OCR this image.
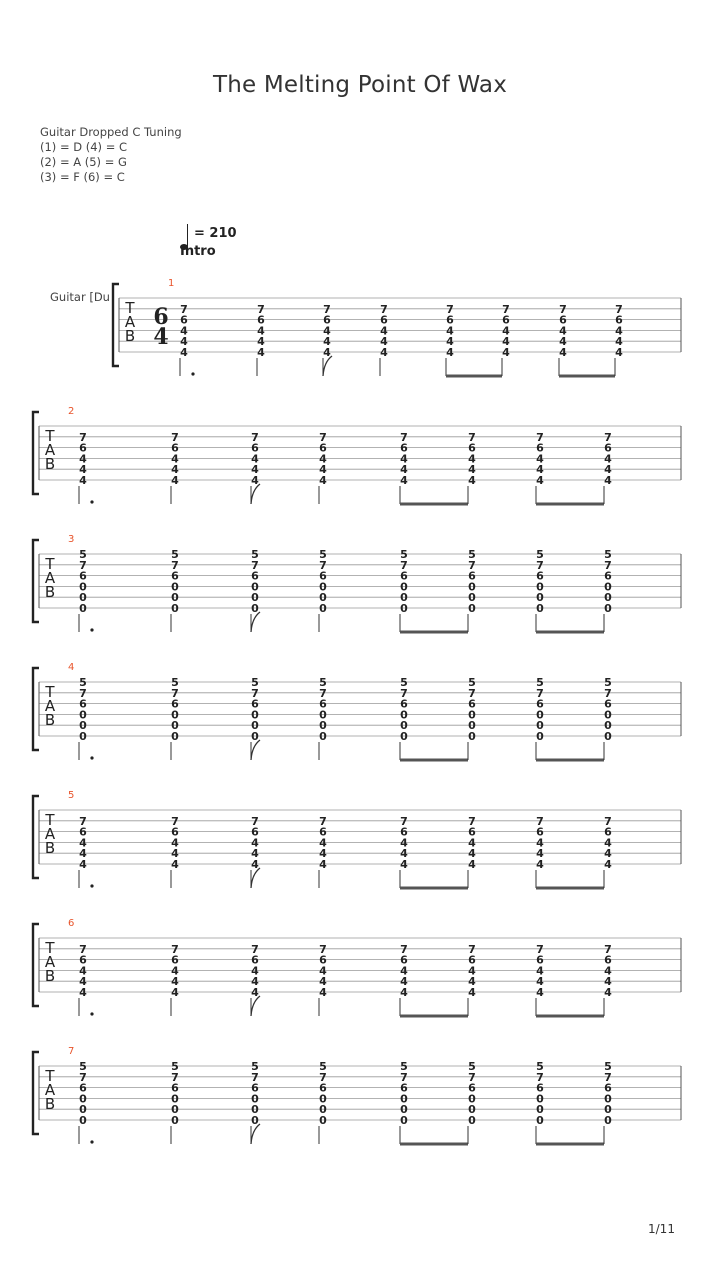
The Melting Point Of Wax
Guitar Dropped C Tuning
(1) = D (4) = C
(2) = A (5) = G
(3) = F (6) = C
= 210
Intro
Guitar [Du
T
A
B
1
6
4
7
6
4
4
4
7
6
4
4
4
7
6
4
4
4
7
6
4
4
4
7
6
4
4
4
7
6
4
4
4
7
6
4
4
4
7
6
4
4
4
T
A
B
2
7
6
4
4
4
7
6
4
4
4
7
6
4
4
4
7
6
4
4
4
7
6
4
4
4
7
6
4
4
4
7
6
4
4
4
7
6
4
4
4
T
A
B
3
5
7
6
0
0
0
5
7
6
0
0
0
5
7
6
0
0
0
5
7
6
0
0
0
5
7
6
0
0
0
5
7
6
0
0
0
5
7
6
0
0
0
5
7
6
0
0
0
T
A
B
4
5
7
6
0
0
0
5
7
6
0
0
0
5
7
6
0
0
0
5
7
6
0
0
0
5
7
6
0
0
0
5
7
6
0
0
0
5
7
6
0
0
0
5
7
6
0
0
0
T
A
B
5
7
6
4
4
4
7
6
4
4
4
7
6
4
4
4
7
6
4
4
4
7
6
4
4
4
7
6
4
4
4
7
6
4
4
4
7
6
4
4
4
T
A
B
6
7
6
4
4
4
7
6
4
4
4
7
6
4
4
4
7
6
4
4
4
7
6
4
4
4
7
6
4
4
4
7
6
4
4
4
7
6
4
4
4
T
A
B
7
5
7
6
0
0
0
5
7
6
0
0
0
5
7
6
0
0
0
5
7
6
0
0
0
5
7
6
0
0
0
5
7
6
0
0
0
5
7
6
0
0
0
5
7
6
0
0
0
1/11
